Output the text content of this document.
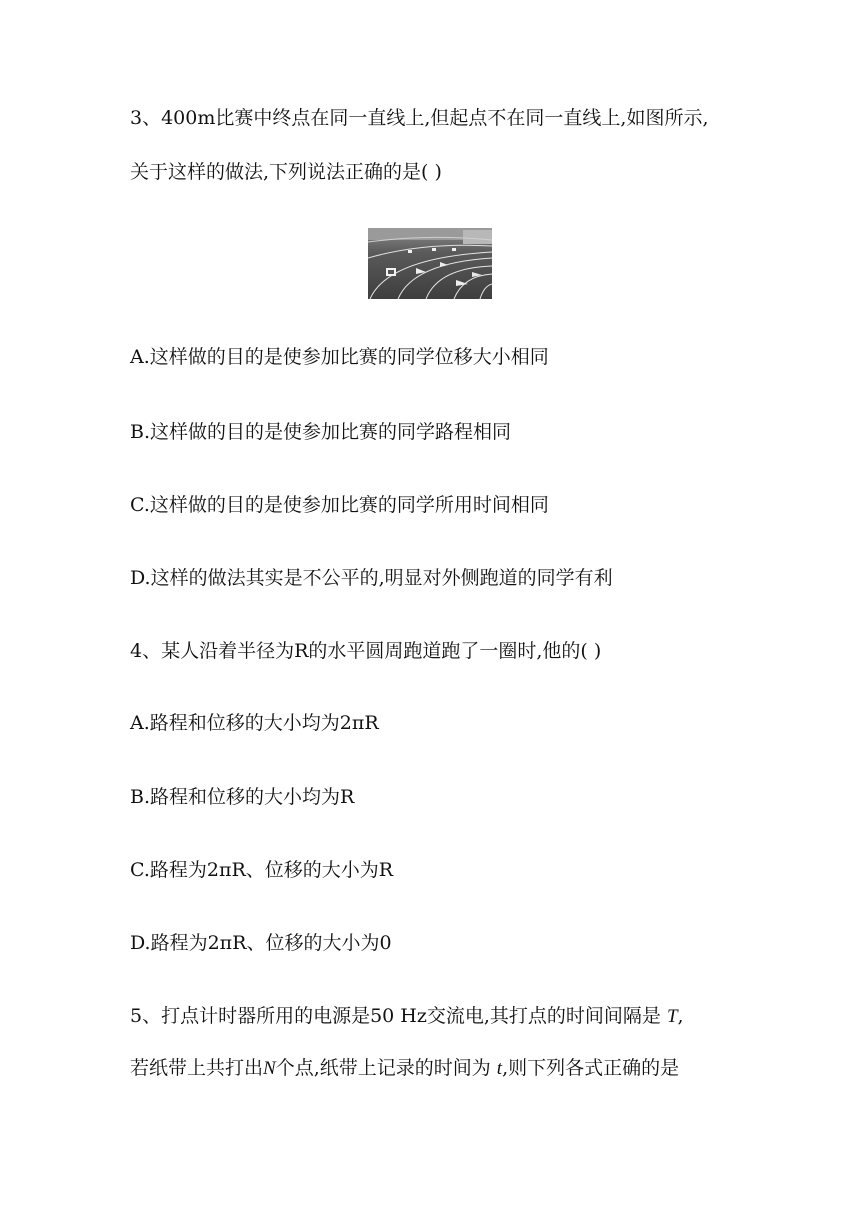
3、400m比赛中终点在同一直线上,但起点不在同一直线上,如图所示,
关于这样的做法,下列说法正确的是( )
A.这样做的目的是使参加比赛的同学位移大小相同
B.这样做的目的是使参加比赛的同学路程相同
C.这样做的目的是使参加比赛的同学所用时间相同
D.这样的做法其实是不公平的,明显对外侧跑道的同学有利
4、某人沿着半径为R的水平圆周跑道跑了一圈时,他的( )
A.路程和位移的大小均为2πR
B.路程和位移的大小均为R
C.路程为2πR、位移的大小为R
D.路程为2πR、位移的大小为0
5、打点计时器所用的电源是50 Hz交流电,其打点的时间间隔是 T,
若纸带上共打出N个点,纸带上记录的时间为 t,则下列各式正确的是
